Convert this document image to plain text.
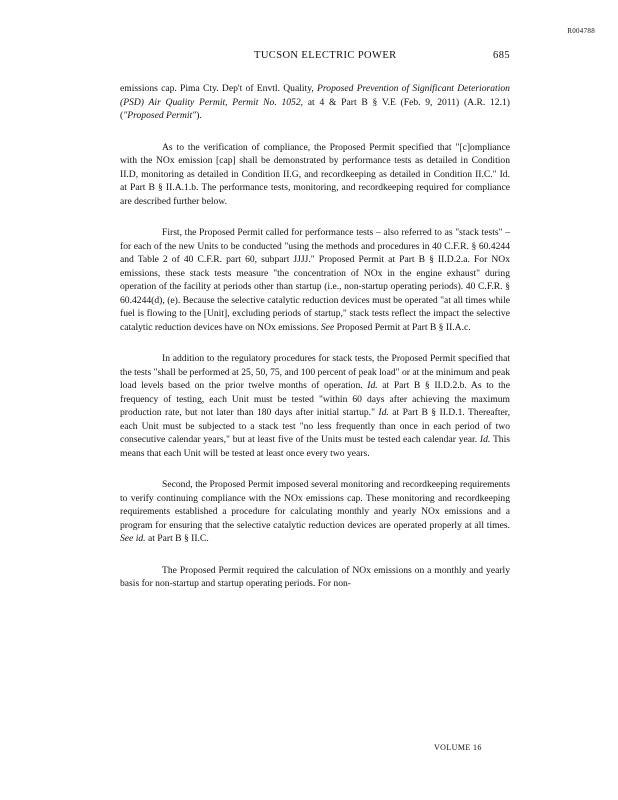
R004788
TUCSON ELECTRIC POWER	685

emissions cap. Pima Cty. Dep't of Envtl. Quality, Proposed Prevention of Significant Deterioration (PSD) Air Quality Permit, Permit No. 1052, at 4 & Part B § V.E (Feb. 9, 2011) (A.R. 12.1) ("Proposed Permit").

As to the verification of compliance, the Proposed Permit specified that "[c]ompliance with the NOx emission [cap] shall be demonstrated by performance tests as detailed in Condition II.D, monitoring as detailed in Condition II.G, and recordkeeping as detailed in Condition II.C." Id. at Part B § II.A.1.b. The performance tests, monitoring, and recordkeeping required for compliance are described further below.

First, the Proposed Permit called for performance tests – also referred to as "stack tests" – for each of the new Units to be conducted "using the methods and procedures in 40 C.F.R. § 60.4244 and Table 2 of 40 C.F.R. part 60, subpart JJJJ." Proposed Permit at Part B § II.D.2.a. For NOx emissions, these stack tests measure "the concentration of NOx in the engine exhaust" during operation of the facility at periods other than startup (i.e., non-startup operating periods). 40 C.F.R. § 60.4244(d), (e). Because the selective catalytic reduction devices must be operated "at all times while fuel is flowing to the [Unit], excluding periods of startup," stack tests reflect the impact the selective catalytic reduction devices have on NOx emissions. See Proposed Permit at Part B § II.A.c.

In addition to the regulatory procedures for stack tests, the Proposed Permit specified that the tests "shall be performed at 25, 50, 75, and 100 percent of peak load" or at the minimum and peak load levels based on the prior twelve months of operation. Id. at Part B § II.D.2.b. As to the frequency of testing, each Unit must be tested "within 60 days after achieving the maximum production rate, but not later than 180 days after initial startup." Id. at Part B § II.D.1. Thereafter, each Unit must be subjected to a stack test "no less frequently than once in each period of two consecutive calendar years," but at least five of the Units must be tested each calendar year. Id. This means that each Unit will be tested at least once every two years.

Second, the Proposed Permit imposed several monitoring and recordkeeping requirements to verify continuing compliance with the NOx emissions cap. These monitoring and recordkeeping requirements established a procedure for calculating monthly and yearly NOx emissions and a program for ensuring that the selective catalytic reduction devices are operated properly at all times. See id. at Part B § II.C.

The Proposed Permit required the calculation of NOx emissions on a monthly and yearly basis for non-startup and startup operating periods. For non-

VOLUME 16
